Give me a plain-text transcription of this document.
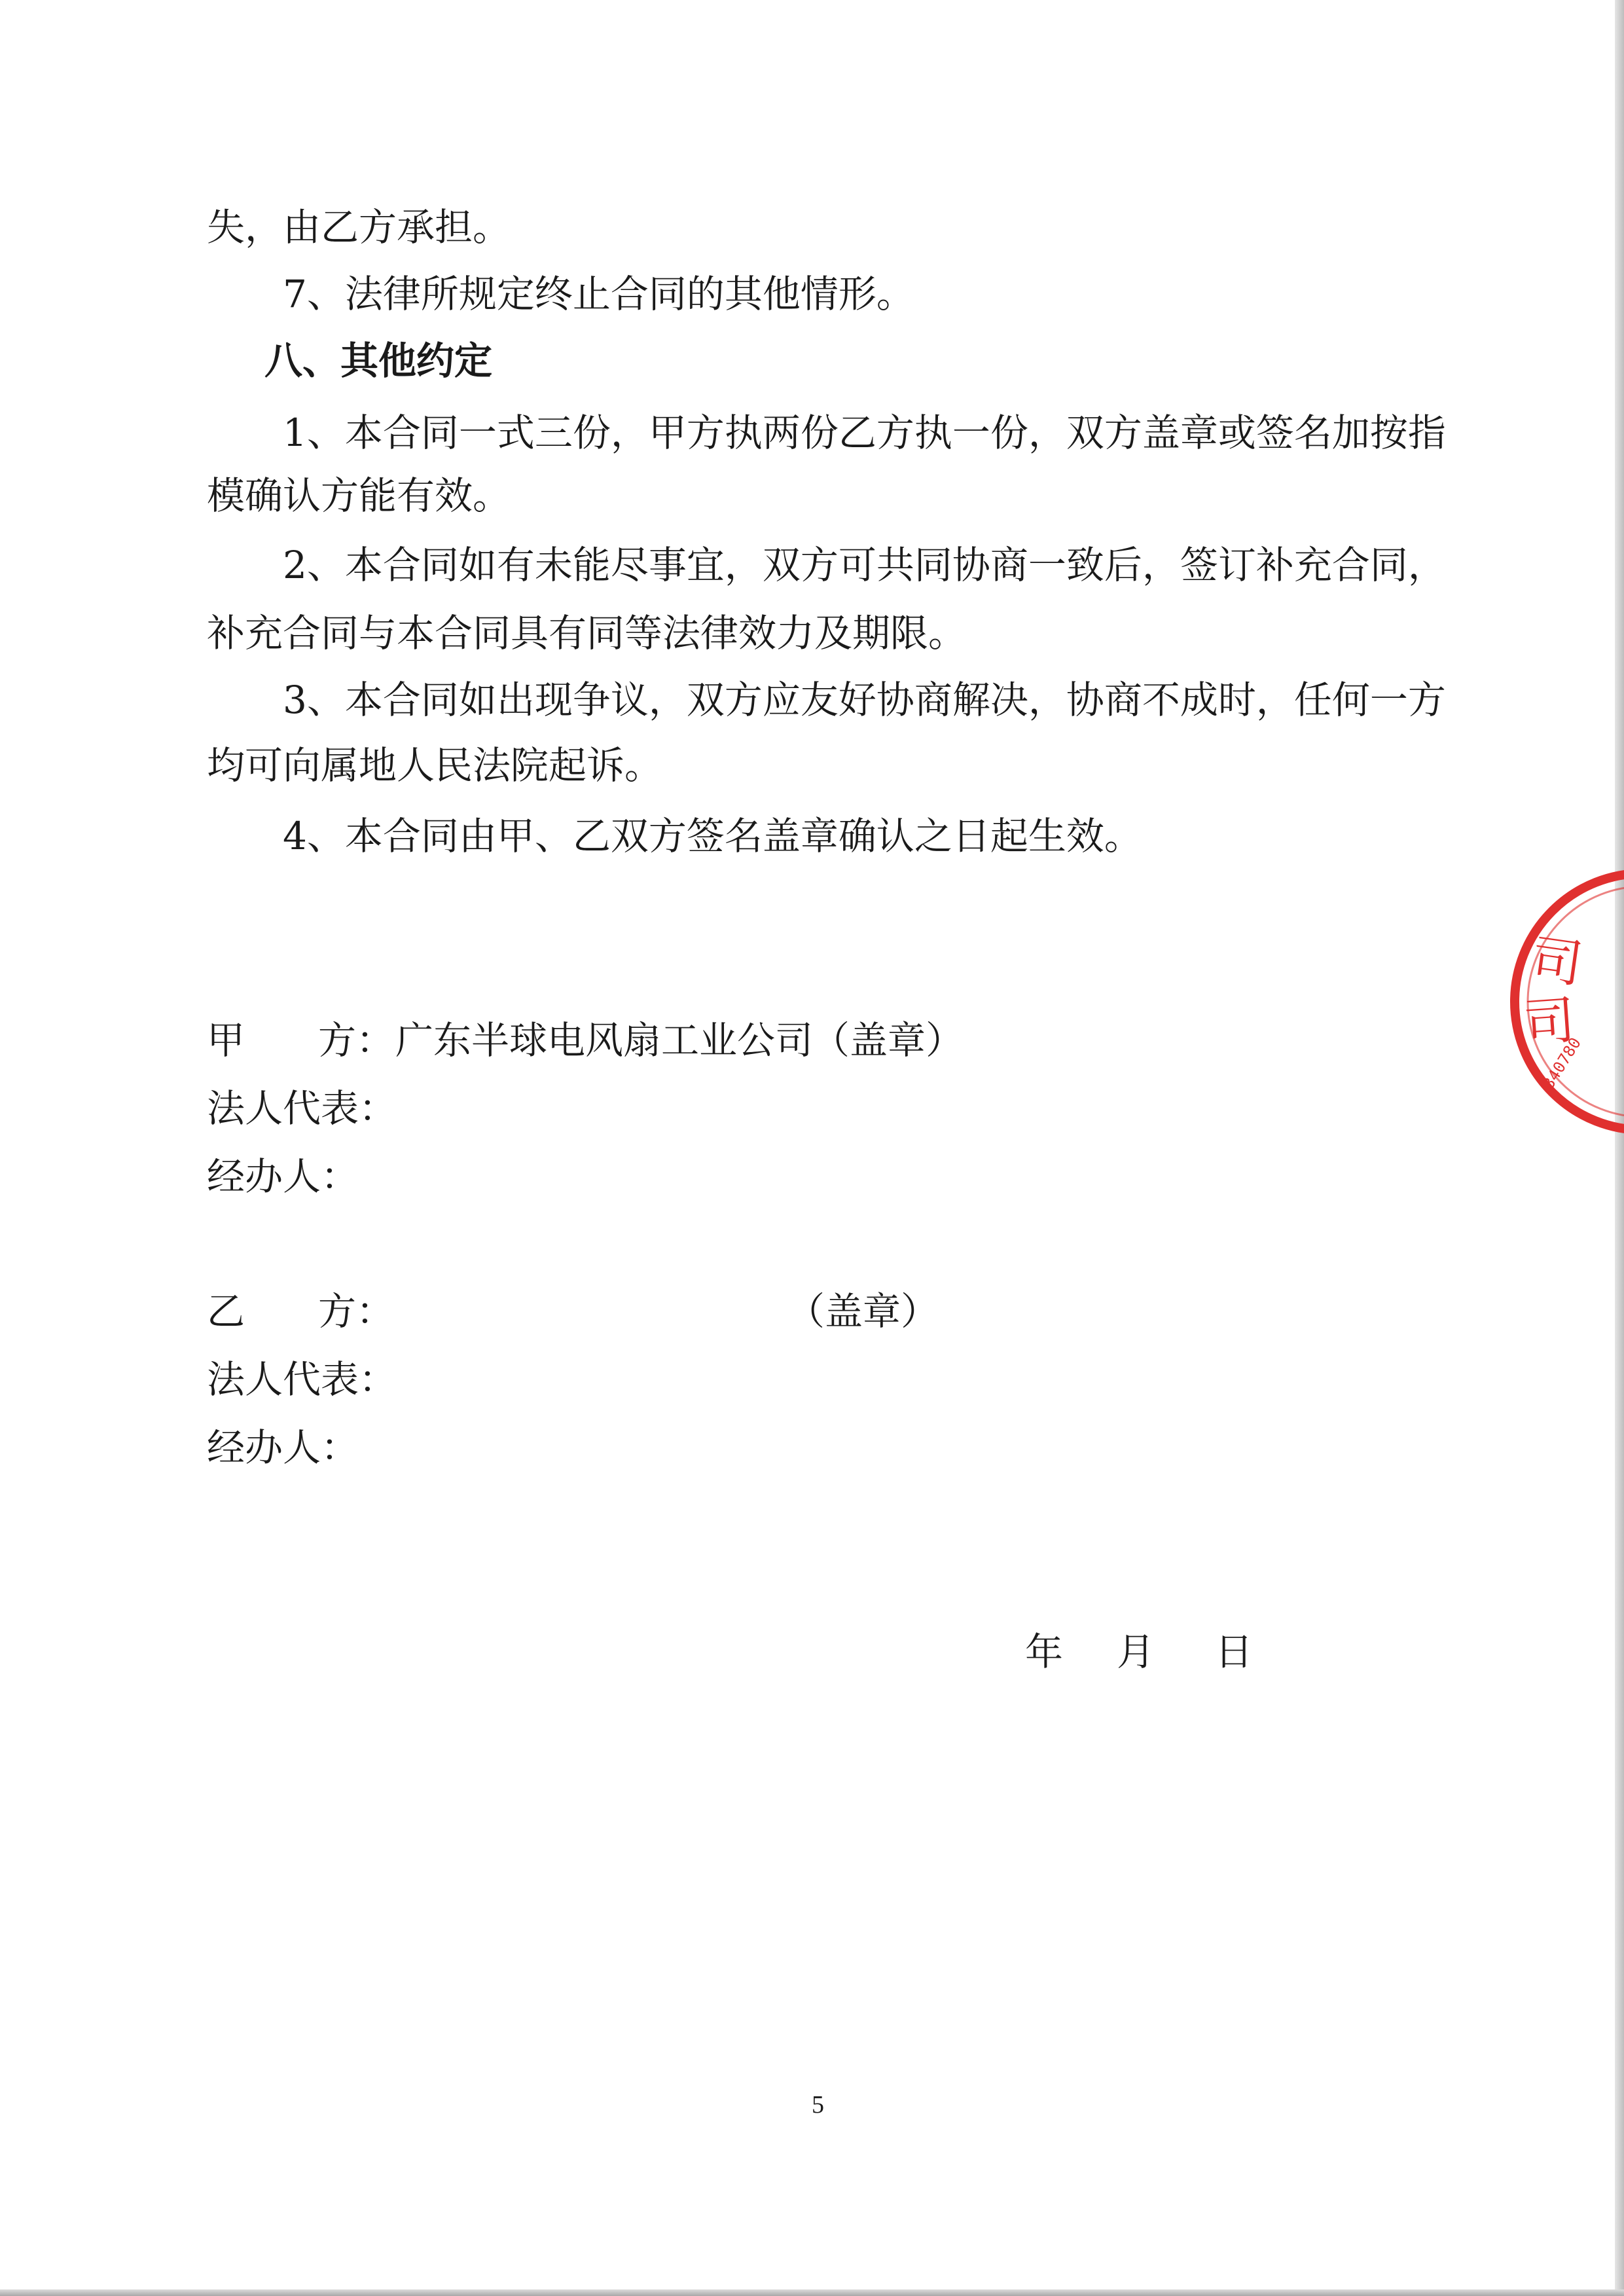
失，由乙方承担。
7、法律所规定终止合同的其他情形。
八、其他约定
1、本合同一式三份，甲方执两份乙方执一份，双方盖章或签名加按指
模确认方能有效。
2、本合同如有未能尽事宜，双方可共同协商一致后，签订补充合同，
补充合同与本合同具有同等法律效力及期限。
3、本合同如出现争议，双方应友好协商解决，协商不成时，任何一方
均可向属地人民法院起诉。
4、本合同由甲、乙双方签名盖章确认之日起生效。
甲 方： 广东半球电风扇工业公司
（盖章）
法人代表：
经办人：
乙 方：	（盖章）
法人代表：
经办人：
年 月 日
司
司
340780
5
